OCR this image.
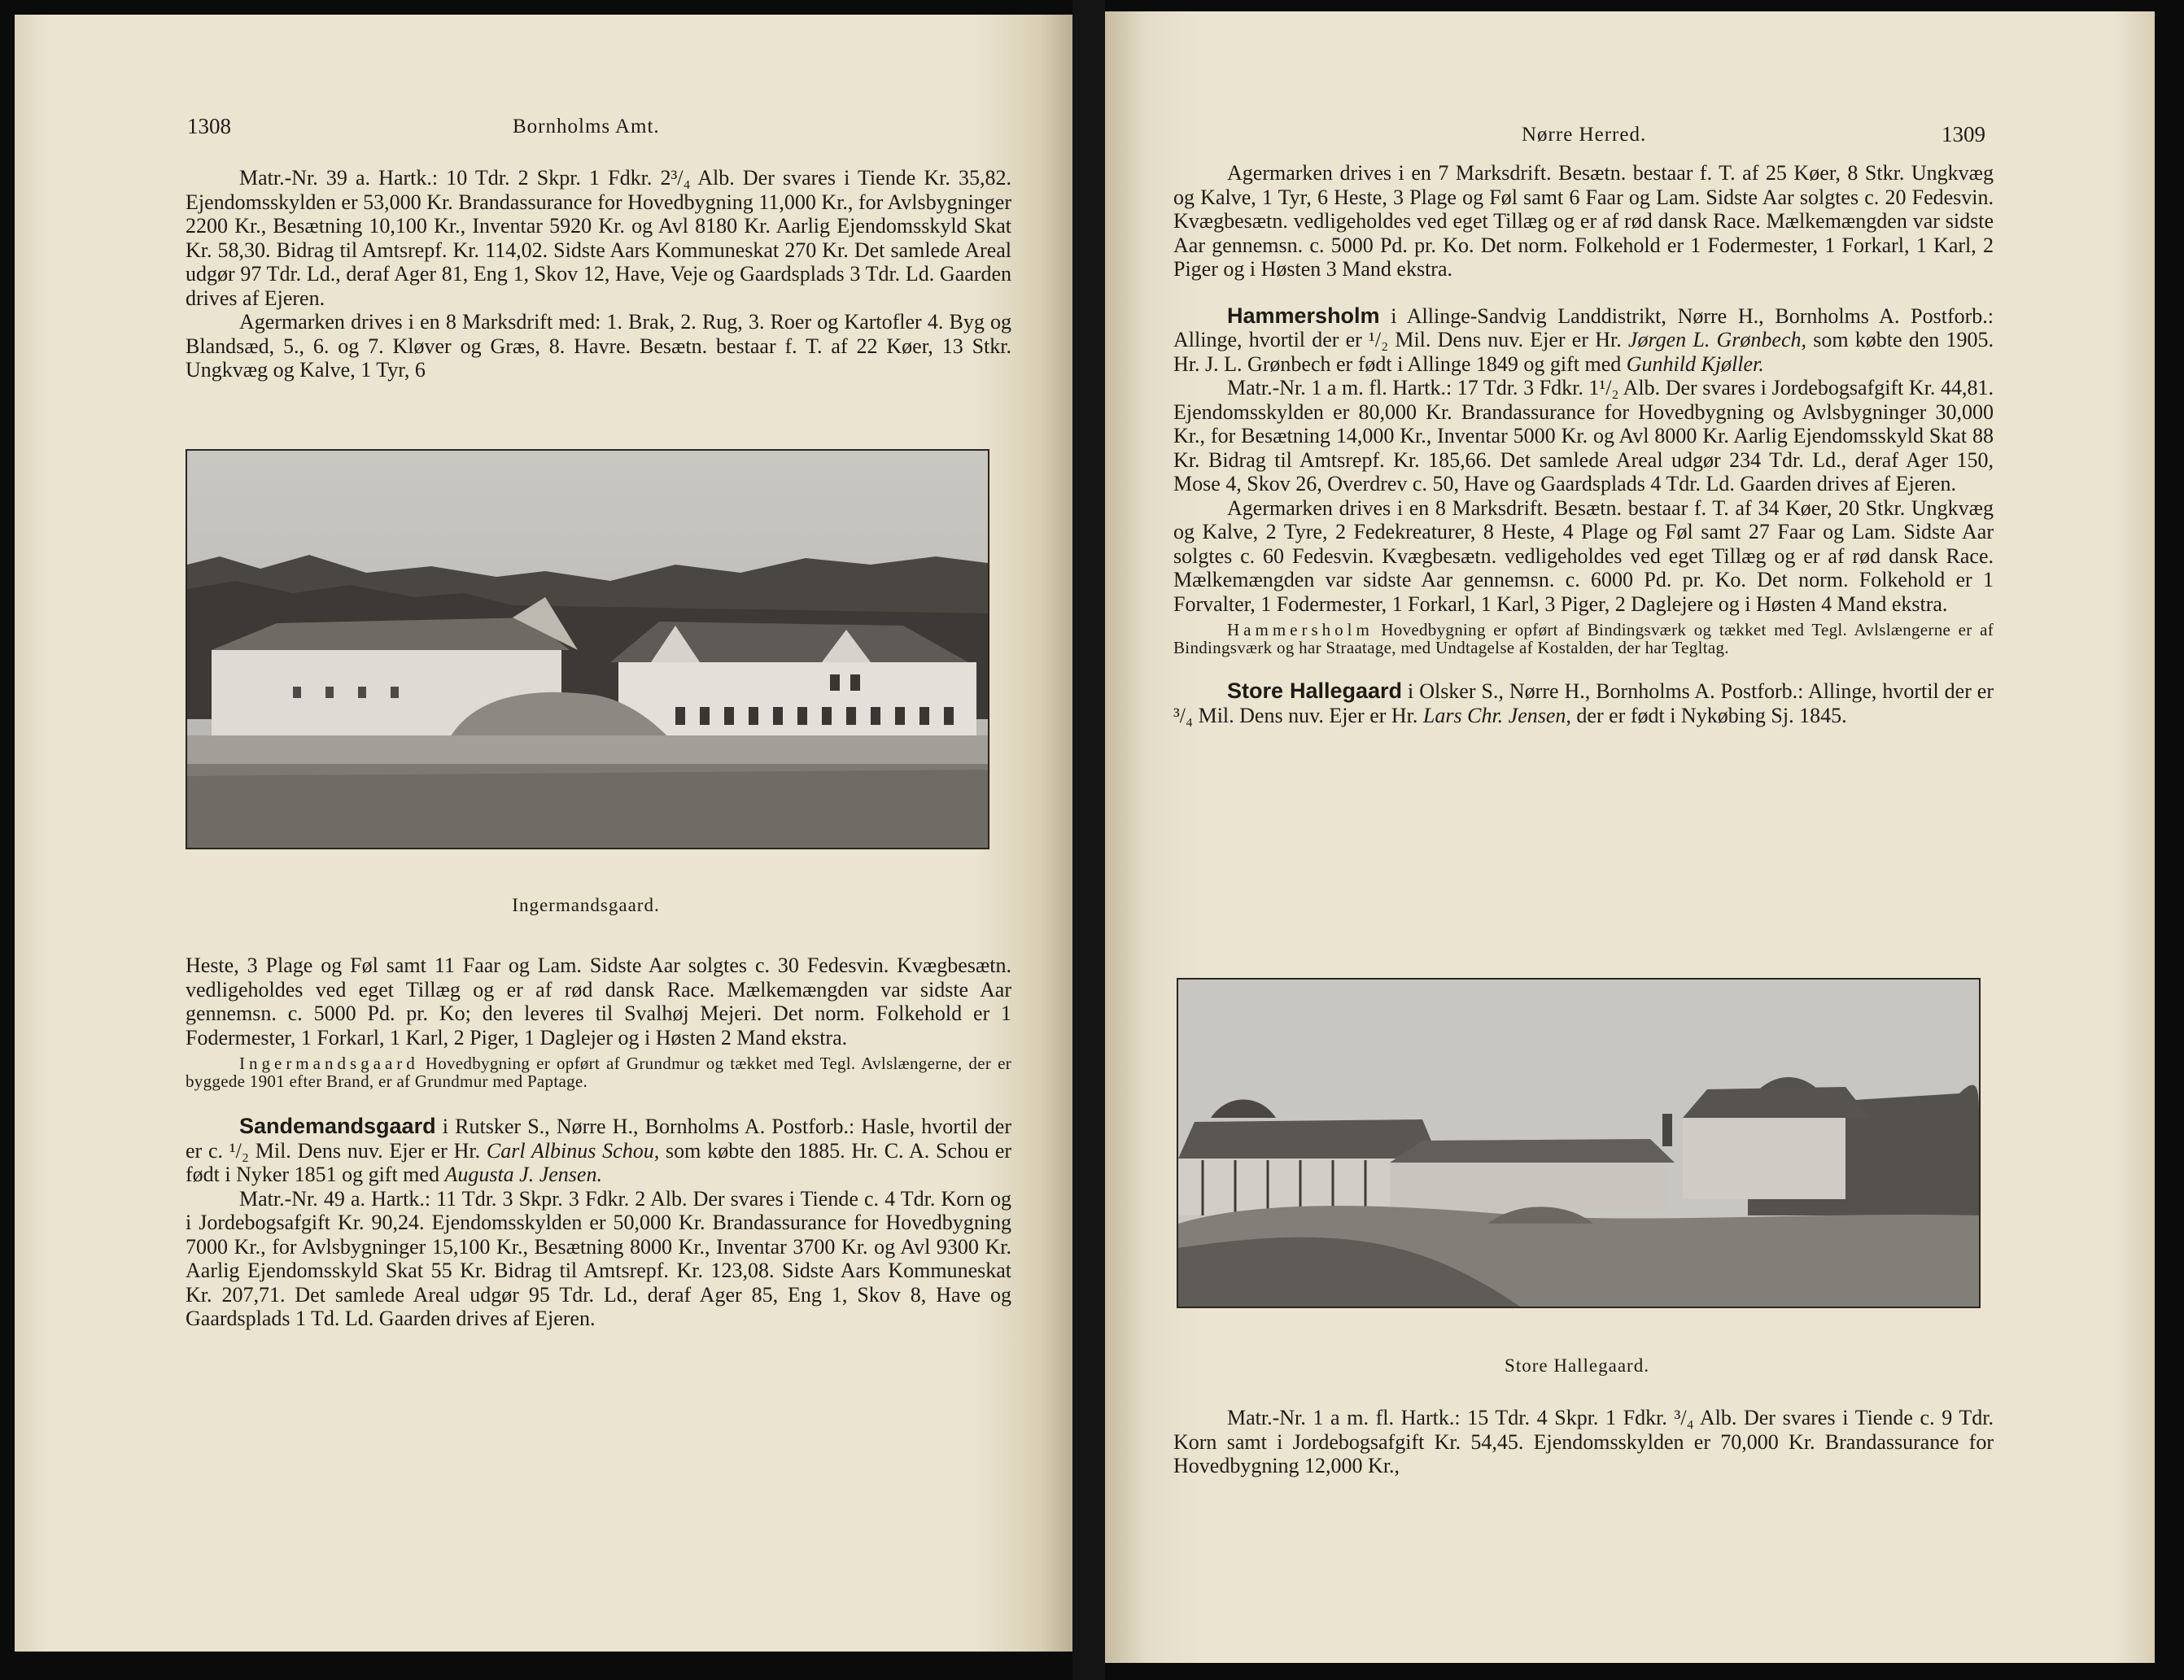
1308	Bornholms Amt.

Matr.-Nr. 39 a. Hartk.: 10 Tdr. 2 Skpr. 1 Fdkr. 2³/₄ Alb. Der svares i Tiende Kr. 35,82. Ejendomsskylden er 53,000 Kr. Brandassurance for Hovedbygning 11,000 Kr., for Avlsbygninger 2200 Kr., Besætning 10,100 Kr., Inventar 5920 Kr. og Avl 8180 Kr. Aarlig Ejendomsskyld Skat Kr. 58,30. Bidrag til Amtsrepf. Kr. 114,02. Sidste Aars Kommuneskat 270 Kr. Det samlede Areal udgør 97 Tdr. Ld., deraf Ager 81, Eng 1, Skov 12, Have, Veje og Gaardsplads 3 Tdr. Ld. Gaarden drives af Ejeren.

Agermarken drives i en 8 Marksdrift med: 1. Brak, 2. Rug, 3. Roer og Kartofler 4. Byg og Blandsæd, 5., 6. og 7. Kløver og Græs, 8. Havre. Besætn. bestaar f. T. af 22 Køer, 13 Stkr. Ungkvæg og Kalve, 1 Tyr, 6

Ingermandsgaard.

Heste, 3 Plage og Føl samt 11 Faar og Lam. Sidste Aar solgtes c. 30 Fedesvin. Kvægbesætn. vedligeholdes ved eget Tillæg og er af rød dansk Race. Mælkemængden var sidste Aar gennemsn. c. 5000 Pd. pr. Ko; den leveres til Svalhøj Mejeri. Det norm. Folkehold er 1 Fodermester, 1 Forkarl, 1 Karl, 2 Piger, 1 Daglejer og i Høsten 2 Mand ekstra.

Ingermandsgaard Hovedbygning er opført af Grundmur og tækket med Tegl. Avlslængerne, der er byggede 1901 efter Brand, er af Grundmur med Paptage.

Sandemandsgaard i Rutsker S., Nørre H., Bornholms A. Postforb.: Hasle, hvortil der er c. ¹/₂ Mil. Dens nuv. Ejer er Hr. Carl Albinus Schou, som købte den 1885. Hr. C. A. Schou er født i Nyker 1851 og gift med Augusta J. Jensen.

Matr.-Nr. 49 a. Hartk.: 11 Tdr. 3 Skpr. 3 Fdkr. 2 Alb. Der svares i Tiende c. 4 Tdr. Korn og i Jordebogsafgift Kr. 90,24. Ejendomsskylden er 50,000 Kr. Brandassurance for Hovedbygning 7000 Kr., for Avlsbygninger 15,100 Kr., Besætning 8000 Kr., Inventar 3700 Kr. og Avl 9300 Kr. Aarlig Ejendomsskyld Skat 55 Kr. Bidrag til Amtsrepf. Kr. 123,08. Sidste Aars Kommuneskat Kr. 207,71. Det samlede Areal udgør 95 Tdr. Ld., deraf Ager 85, Eng 1, Skov 8, Have og Gaardsplads 1 Td. Ld. Gaarden drives af Ejeren.

Nørre Herred.	1309

Agermarken drives i en 7 Marksdrift. Besætn. bestaar f. T. af 25 Køer, 8 Stkr. Ungkvæg og Kalve, 1 Tyr, 6 Heste, 3 Plage og Føl samt 6 Faar og Lam. Sidste Aar solgtes c. 20 Fedesvin. Kvægbesætn. vedligeholdes ved eget Tillæg og er af rød dansk Race. Mælkemængden var sidste Aar gennemsn. c. 5000 Pd. pr. Ko. Det norm. Folkehold er 1 Fodermester, 1 Forkarl, 1 Karl, 2 Piger og i Høsten 3 Mand ekstra.

Hammersholm i Allinge-Sandvig Landdistrikt, Nørre H., Bornholms A. Postforb.: Allinge, hvortil der er ¹/₂ Mil. Dens nuv. Ejer er Hr. Jørgen L. Grønbech, som købte den 1905. Hr. J. L. Grønbech er født i Allinge 1849 og gift med Gunhild Kjøller.

Matr.-Nr. 1 a m. fl. Hartk.: 17 Tdr. 3 Fdkr. 1¹/₂ Alb. Der svares i Jordebogsafgift Kr. 44,81. Ejendomsskylden er 80,000 Kr. Brandassurance for Hovedbygning og Avlsbygninger 30,000 Kr., for Besætning 14,000 Kr., Inventar 5000 Kr. og Avl 8000 Kr. Aarlig Ejendomsskyld Skat 88 Kr. Bidrag til Amtsrepf. Kr. 185,66. Det samlede Areal udgør 234 Tdr. Ld., deraf Ager 150, Mose 4, Skov 26, Overdrev c. 50, Have og Gaardsplads 4 Tdr. Ld. Gaarden drives af Ejeren.

Agermarken drives i en 8 Marksdrift. Besætn. bestaar f. T. af 34 Køer, 20 Stkr. Ungkvæg og Kalve, 2 Tyre, 2 Fedekreaturer, 8 Heste, 4 Plage og Føl samt 27 Faar og Lam. Sidste Aar solgtes c. 60 Fedesvin. Kvægbesætn. vedligeholdes ved eget Tillæg og er af rød dansk Race. Mælkemængden var sidste Aar gennemsn. c. 6000 Pd. pr. Ko. Det norm. Folkehold er 1 Forvalter, 1 Fodermester, 1 Forkarl, 1 Karl, 3 Piger, 2 Daglejere og i Høsten 4 Mand ekstra.

Hammersholm Hovedbygning er opført af Bindingsværk og tækket med Tegl. Avlslængerne er af Bindingsværk og har Straatage, med Undtagelse af Kostalden, der har Tegltag.

Store Hallegaard i Olsker S., Nørre H., Bornholms A. Postforb.: Allinge, hvortil der er ³/₄ Mil. Dens nuv. Ejer er Hr. Lars Chr. Jensen, der er født i Nykøbing Sj. 1845.

Store Hallegaard.

Matr.-Nr. 1 a m. fl. Hartk.: 15 Tdr. 4 Skpr. 1 Fdkr. ³/₄ Alb. Der svares i Tiende c. 9 Tdr. Korn samt i Jordebogsafgift Kr. 54,45. Ejendomsskylden er 70,000 Kr. Brandassurance for Hovedbygning 12,000 Kr.,
